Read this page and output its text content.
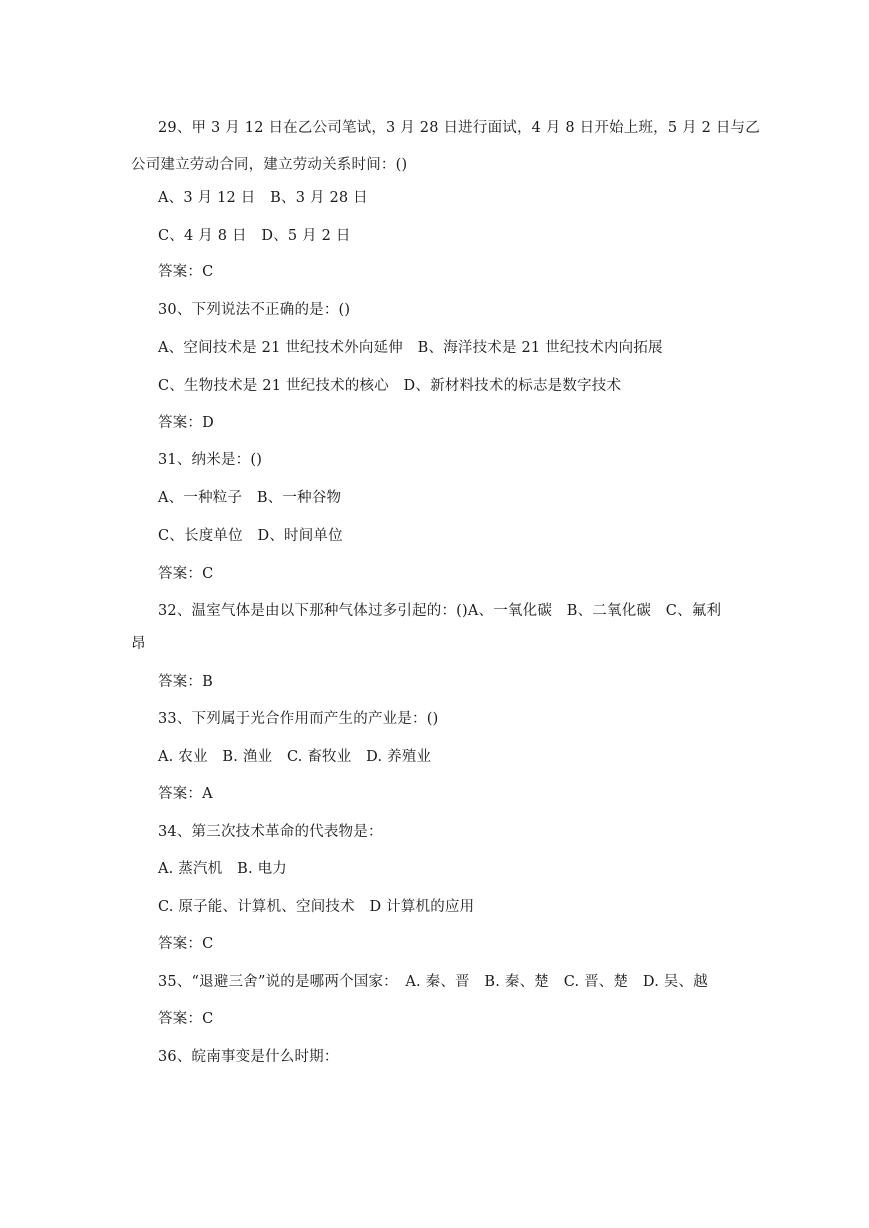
29、甲 3 月 12 日在乙公司笔试，3 月 28 日进行面试，4 月 8 日开始上班，5 月 2 日与乙
公司建立劳动合同，建立劳动关系时间：()
A、3 月 12 日　B、3 月 28 日
C、4 月 8 日　D、5 月 2 日
答案：C
30、下列说法不正确的是：()
A、空间技术是 21 世纪技术外向延伸　B、海洋技术是 21 世纪技术内向拓展
C、生物技术是 21 世纪技术的核心　D、新材料技术的标志是数字技术
答案：D
31、纳米是：()
A、一种粒子　B、一种谷物
C、长度单位　D、时间单位
答案：C
32、温室气体是由以下那种气体过多引起的：()A、一氧化碳　B、二氧化碳　C、氟利
昂
答案：B
33、下列属于光合作用而产生的产业是：()
A. 农业　B. 渔业　C. 畜牧业　D. 养殖业
答案：A
34、第三次技术革命的代表物是：
A. 蒸汽机　B. 电力
C. 原子能、计算机、空间技术　D 计算机的应用
答案：C
35、“退避三舍”说的是哪两个国家：　A. 秦、晋　B. 秦、楚　C. 晋、楚　D. 吴、越
答案：C
36、皖南事变是什么时期：
